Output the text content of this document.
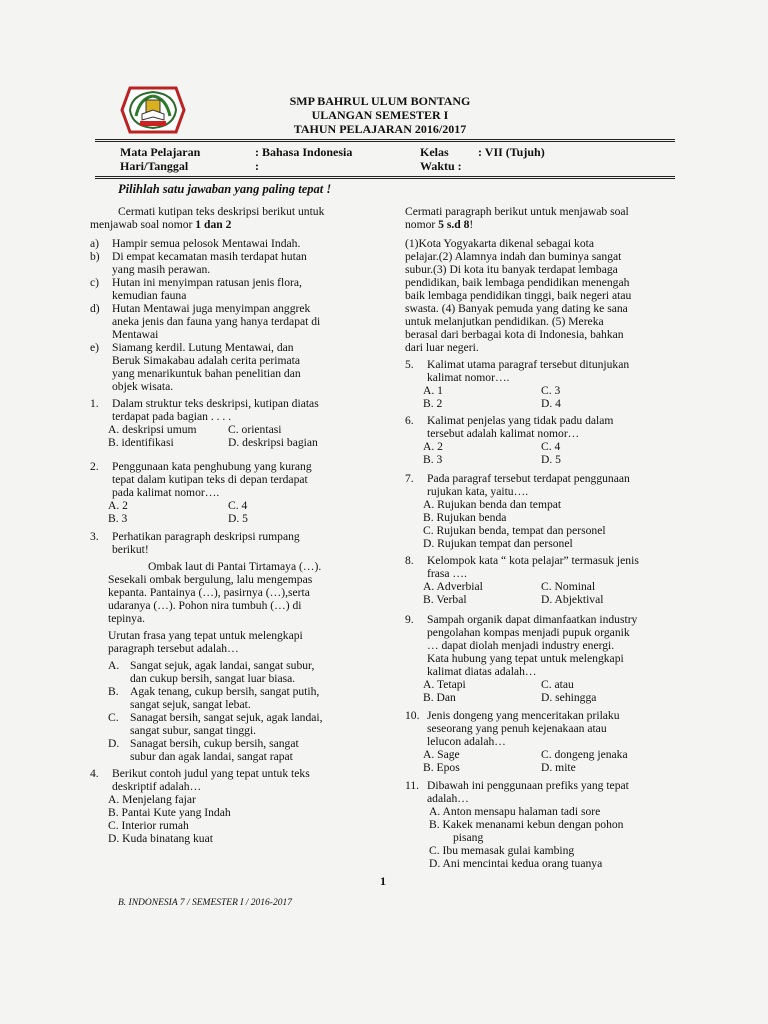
SMP BAHRUL ULUM BONTANG
ULANGAN SEMESTER I
TAHUN PELAJARAN 2016/2017
Mata Pelajaran	: Bahasa Indonesia	Kelas : VII (Tujuh)
Hari/Tanggal	:	Waktu :
Pilihlah satu jawaban yang paling tepat !
Cermati kutipan teks deskripsi berikut untuk
menjawab soal nomor 1 dan 2
a) Hampir semua pelosok Mentawai Indah.
b) Di empat kecamatan masih terdapat hutan
yang masih perawan.
c) Hutan ini menyimpan ratusan jenis flora,
kemudian fauna
d) Hutan Mentawai juga menyimpan anggrek
aneka jenis dan fauna yang hanya terdapat di
Mentawai
e) Siamang kerdil. Lutung Mentawai, dan
Beruk Simakabau adalah cerita perimata
yang menarikuntuk bahan penelitian dan
objek wisata.
1. Dalam struktur teks deskripsi, kutipan diatas
terdapat pada bagian . . . .
A. deskripsi umum	C. orientasi
B. identifikasi	D. deskripsi bagian
2. Penggunaan kata penghubung yang kurang
tepat dalam kutipan teks di depan terdapat
pada kalimat nomor….
A. 2	C. 4
B. 3	D. 5
3. Perhatikan paragraph deskripsi rumpang
berikut!
Ombak laut di Pantai Tirtamaya (…).
Sesekali ombak bergulung, lalu mengempas
kepanta. Pantainya (…), pasirnya (…),serta
udaranya (…). Pohon nira tumbuh (…) di
tepinya.
Urutan frasa yang tepat untuk melengkapi
paragraph tersebut adalah…
A. Sangat sejuk, agak landai, sangat subur,
dan cukup bersih, sangat luar biasa.
B. Agak tenang, cukup bersih, sangat putih,
sangat sejuk, sangat lebat.
C. Sanagat bersih, sangat sejuk, agak landai,
sangat subur, sangat tinggi.
D. Sanagat bersih, cukup bersih, sangat
subur dan agak landai, sangat rapat
4. Berikut contoh judul yang tepat untuk teks
deskriptif adalah…
A. Menjelang fajar
B. Pantai Kute yang Indah
C. Interior rumah
D. Kuda binatang kuat
Cermati paragraph berikut untuk menjawab soal
nomor 5 s.d 8!
(1)Kota Yogyakarta dikenal sebagai kota
pelajar.(2) Alamnya indah dan buminya sangat
subur.(3) Di kota itu banyak terdapat lembaga
pendidikan, baik lembaga pendidikan menengah
baik lembaga pendidikan tinggi, baik negeri atau
swasta. (4) Banyak pemuda yang dating ke sana
untuk melanjutkan pendidikan. (5) Mereka
berasal dari berbagai kota di Indonesia, bahkan
dari luar negeri.
5. Kalimat utama paragraf tersebut ditunjukan
kalimat nomor….
A. 1	C. 3
B. 2	D. 4
6. Kalimat penjelas yang tidak padu dalam
tersebut adalah kalimat nomor…
A. 2	C. 4
B. 3	D. 5
7. Pada paragraf tersebut terdapat penggunaan
rujukan kata, yaitu….
A. Rujukan benda dan tempat
B. Rujukan benda
C. Rujukan benda, tempat dan personel
D. Rujukan tempat dan personel
8. Kelompok kata “ kota pelajar” termasuk jenis
frasa ….
A. Adverbial	C. Nominal
B. Verbal	D. Abjektival
9. Sampah organik dapat dimanfaatkan industry
pengolahan kompas menjadi pupuk organik
… dapat diolah menjadi industry energi.
Kata hubung yang tepat untuk melengkapi
kalimat diatas adalah…
A. Tetapi	C. atau
B. Dan	D. sehingga
10. Jenis dongeng yang menceritakan prilaku
seseorang yang penuh kejenakaan atau
lelucon adalah…
A. Sage	C. dongeng jenaka
B. Epos	D. mite
11. Dibawah ini penggunaan prefiks yang tepat
adalah…
A. Anton mensapu halaman tadi sore
B. Kakek menanami kebun dengan pohon
pisang
C. Ibu memasak gulai kambing
D. Ani mencintai kedua orang tuanya
1
B. INDONESIA 7 / SEMESTER I / 2016-2017
